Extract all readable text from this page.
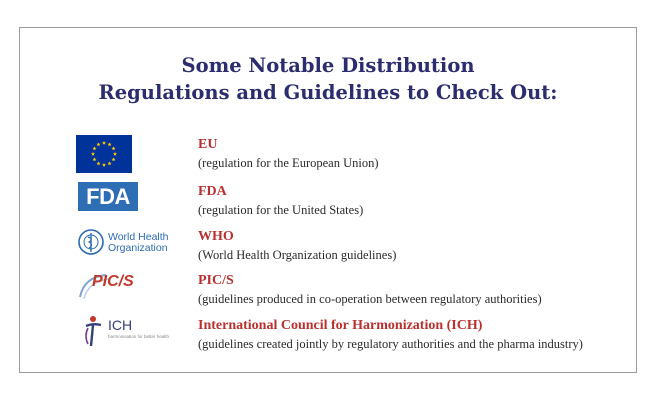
Some Notable Distribution
Regulations and Guidelines to Check Out:
EU
(regulation for the European Union)
FDA	FDA
(regulation for the United States)
World Health
Organization
WHO
(World Health Organization guidelines)
PIC/S	PIC/S
(guidelines produced in co-operation between regulatory authorities)
ICH
harmonisation for better health
International Council for Harmonization (ICH)
(guidelines created jointly by regulatory authorities and the pharma industry)
